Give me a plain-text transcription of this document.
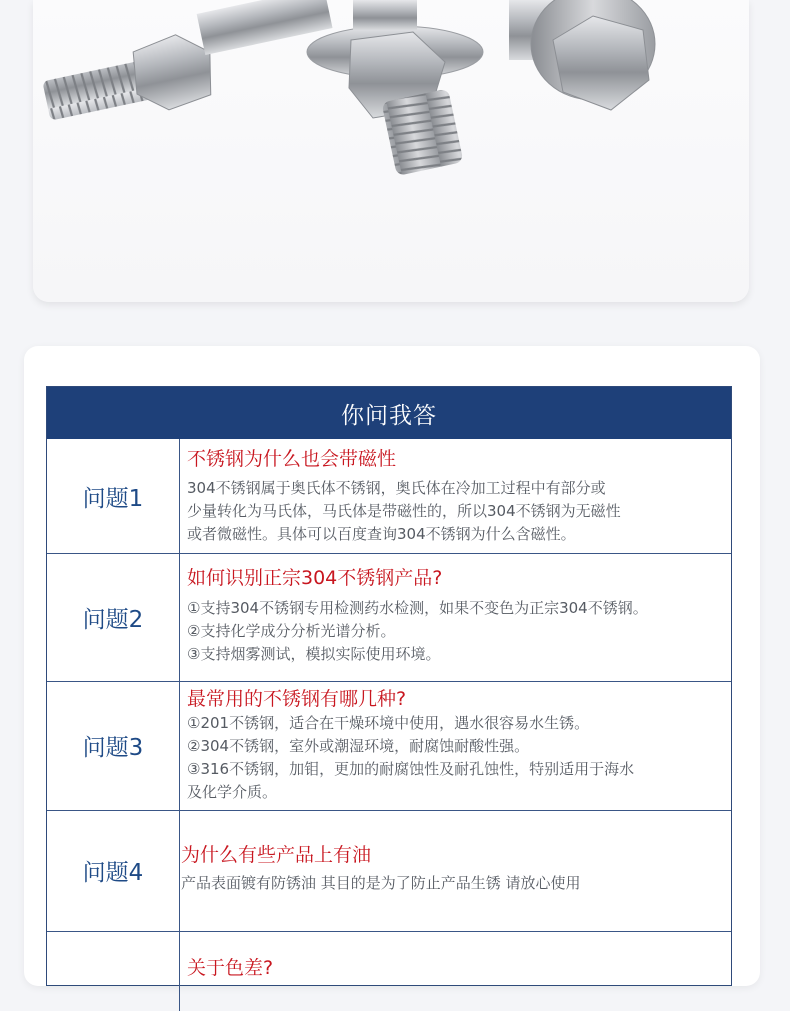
你问我答
问题1
不锈钢为什么也会带磁性
304不锈钢属于奥氏体不锈钢，奥氏体在冷加工过程中有部分或
少量转化为马氏体，马氏体是带磁性的，所以304不锈钢为无磁性
或者微磁性。具体可以百度查询304不锈钢为什么含磁性。
问题2
如何识别正宗304不锈钢产品?
①支持304不锈钢专用检测药水检测，如果不变色为正宗304不锈钢。
②支持化学成分分析光谱分析。
③支持烟雾测试，模拟实际使用环境。
问题3
最常用的不锈钢有哪几种?
①201不锈钢，适合在干燥环境中使用，遇水很容易水生锈。
②304不锈钢，室外或潮湿环境，耐腐蚀耐酸性强。
③316不锈钢，加钼，更加的耐腐蚀性及耐孔蚀性，特别适用于海水
及化学介质。
问题4
为什么有些产品上有油
产品表面镀有防锈油 其目的是为了防止产品生锈 请放心使用
关于色差?
